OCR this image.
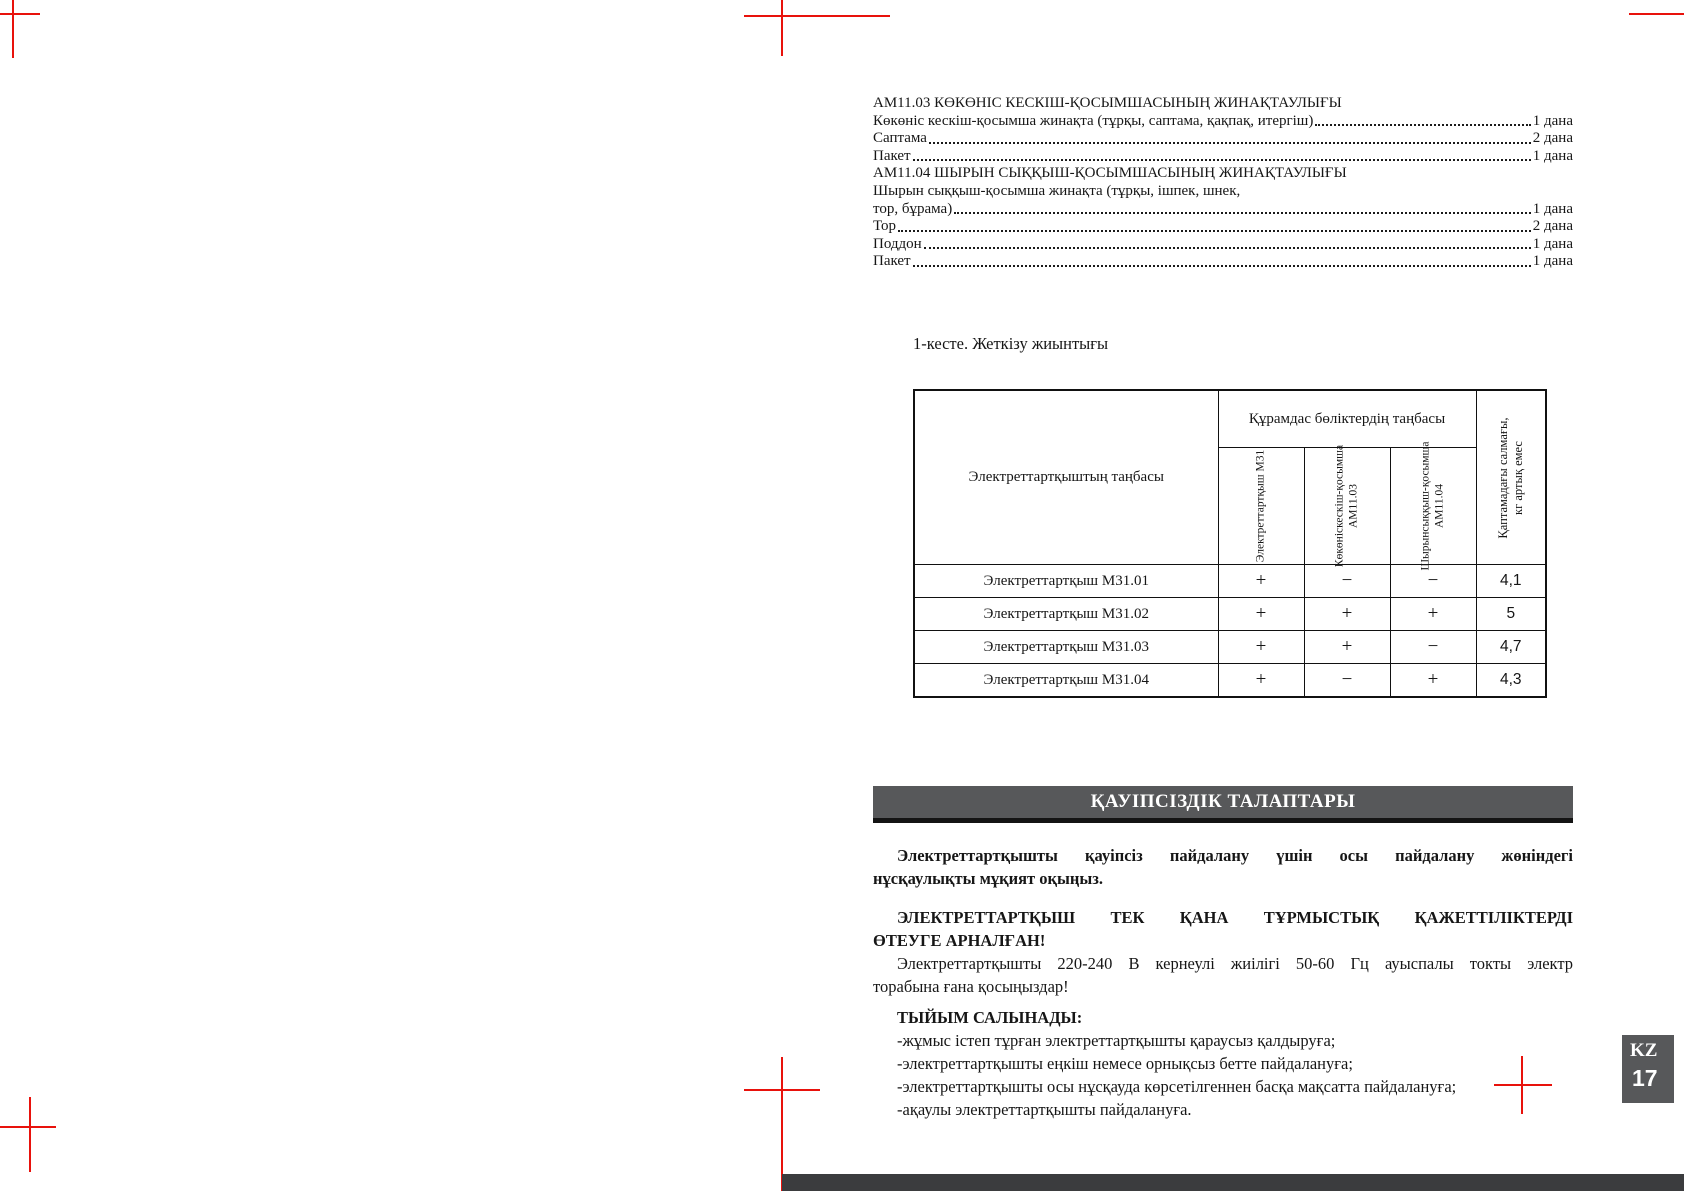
АМ11.03 КӨКӨНІС КЕСКІШ-ҚОСЫМШАСЫНЫҢ ЖИНАҚТАУЛЫҒЫ
Көкөніс кескіш-қосымша жинақта (тұрқы, саптама, қақпақ, итергіш)	1 дана
Саптама	2 дана
Пакет	1 дана
АМ11.04 ШЫРЫН СЫҚҚЫШ-ҚОСЫМШАСЫНЫҢ ЖИНАҚТАУЛЫҒЫ
Шырын сыққыш-қосымша жинақта (тұрқы, ішпек, шнек,
тор, бұрама)	1 дана
Тор	2 дана
Поддон	1 дана
Пакет	1 дана
1-кесте. Жеткізу жиынтығы
Электреттартқыштың таңбасы	Құрамдас бөліктердің таңбасы			Қаптамадағы салмағы, кг артық емес

Электреттартқыш М31	Көкөніскескіш-қосымша АМ11.03	Шырынсыққыш-қосымша АМ11.04

Электреттартқыш М31.01	+	−	−	4,1
Электреттартқыш М31.02	+	+	+	5
Электреттартқыш М31.03	+	+	−	4,7
Электреттартқыш М31.04	+	−	+	4,3
ҚАУІПСІЗДІК ТАЛАПТАРЫ
Электреттартқышты қауіпсіз пайдалану үшін осы пайдалану жөніндегі
нұсқаулықты мұқият оқыңыз.
ЭЛЕКТРЕТТАРТҚЫШ ТЕК ҚАНА ТҰРМЫСТЫҚ ҚАЖЕТТІЛІКТЕРДІ
ӨТЕУГЕ АРНАЛҒАН!
Электреттартқышты 220-240 В кернеулі жиілігі 50-60 Гц ауыспалы токты электр
торабына ғана қосыңыздар!
ТЫЙЫМ САЛЫНАДЫ:
-жұмыс істеп тұрған электреттартқышты қараусыз қалдыруға;
-электреттартқышты еңкіш немесе орнықсыз бетте пайдалануға;
-электреттартқышты осы нұсқауда көрсетілгеннен басқа мақсатта пайдалануға;
-ақаулы электреттартқышты пайдалануға.
KZ
17
